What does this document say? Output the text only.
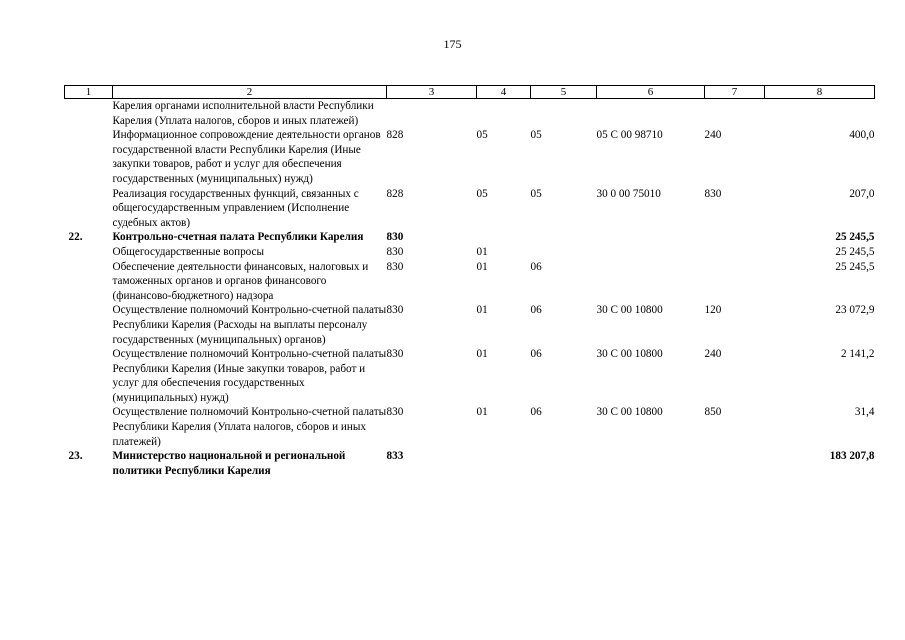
175
1	2	3	4	5	6	7	8
	Карелия органами исполнительной власти Республики Карелия (Уплата налогов, сборов и иных платежей)						
	Информационное сопровождение деятельности органов государственной власти Республики Карелия (Иные закупки товаров, работ и услуг для обеспечения государственных (муниципальных) нужд)	828	05	05	05 С 00 98710	240	400,0
	Реализация государственных функций, связанных с общегосударственным управлением (Исполнение судебных актов)	828	05	05	30 0 00 75010	830	207,0
22.	Контрольно-счетная палата Республики Карелия	830					25 245,5
	Общегосударственные вопросы	830	01				25 245,5
	Обеспечение деятельности финансовых, налоговых и таможенных органов и органов финансового (финансово-бюджетного) надзора	830	01	06			25 245,5
	Осуществление полномочий Контрольно-счетной палаты Республики Карелия (Расходы на выплаты персоналу государственных (муниципальных) органов)	830	01	06	30 С 00 10800	120	23 072,9
	Осуществление полномочий Контрольно-счетной палаты Республики Карелия (Иные закупки товаров, работ и услуг для обеспечения государственных (муниципальных) нужд)	830	01	06	30 С 00 10800	240	2 141,2
	Осуществление полномочий Контрольно-счетной палаты Республики Карелия (Уплата налогов, сборов и иных платежей)	830	01	06	30 С 00 10800	850	31,4
23.	Министерство национальной и региональной политики Республики Карелия	833					183 207,8
